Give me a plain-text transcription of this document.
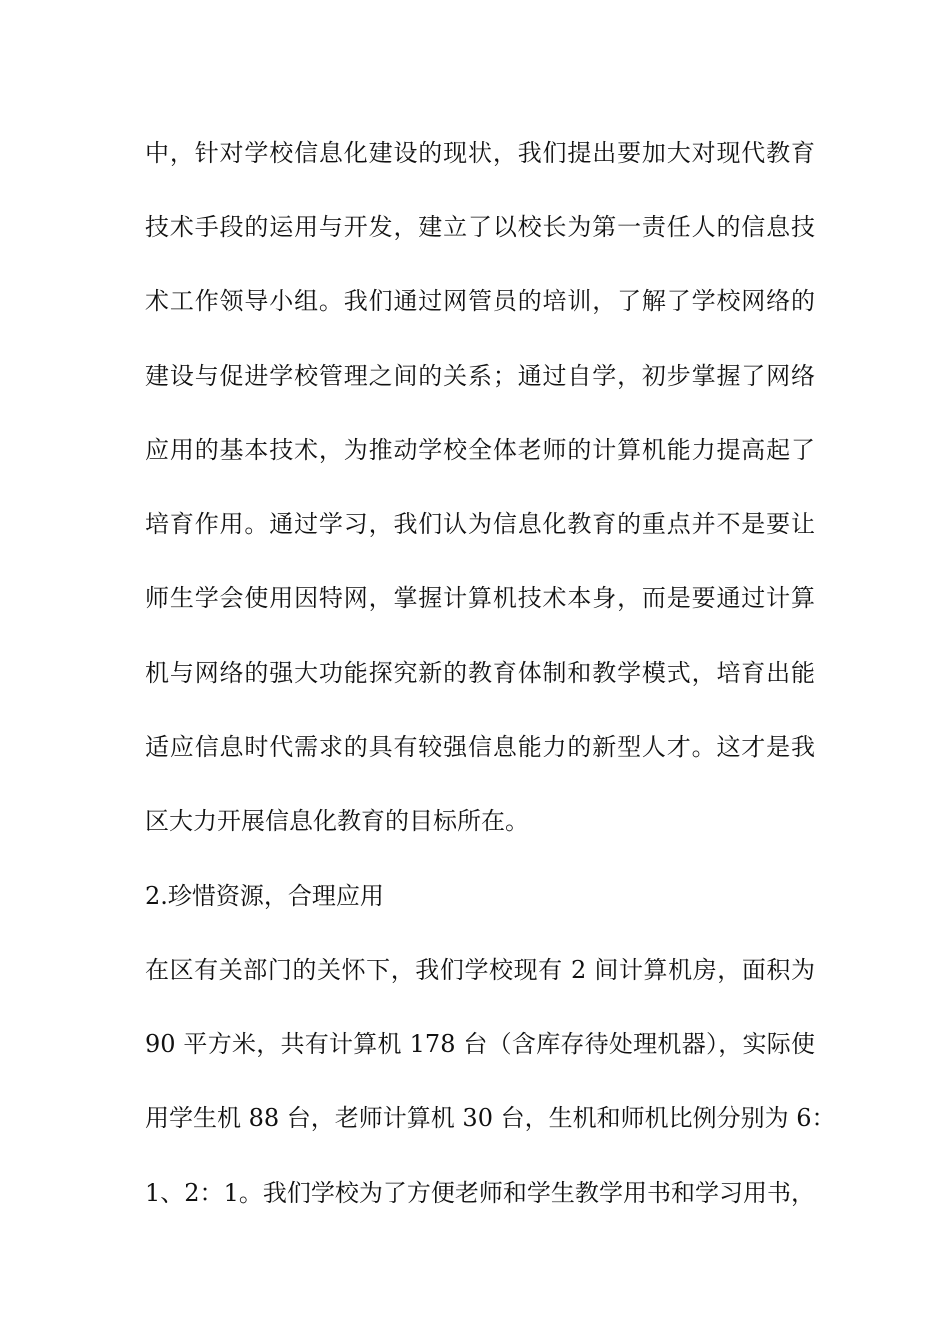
中，针对学校信息化建设的现状，我们提出要加大对现代教育

技术手段的运用与开发，建立了以校长为第一责任人的信息技

术工作领导小组。我们通过网管员的培训，了解了学校网络的

建设与促进学校管理之间的关系；通过自学，初步掌握了网络

应用的基本技术，为推动学校全体老师的计算机能力提高起了

培育作用。通过学习，我们认为信息化教育的重点并不是要让

师生学会使用因特网，掌握计算机技术本身，而是要通过计算

机与网络的强大功能探究新的教育体制和教学模式，培育出能

适应信息时代需求的具有较强信息能力的新型人才。这才是我

区大力开展信息化教育的目标所在。

2.珍惜资源，合理应用

在区有关部门的关怀下，我们学校现有 2 间计算机房，面积为

90 平方米，共有计算机 178 台（含库存待处理机器），实际使

用学生机 88 台，老师计算机 30 台，生机和师机比例分别为 6：

1、2：1。我们学校为了方便老师和学生教学用书和学习用书，
